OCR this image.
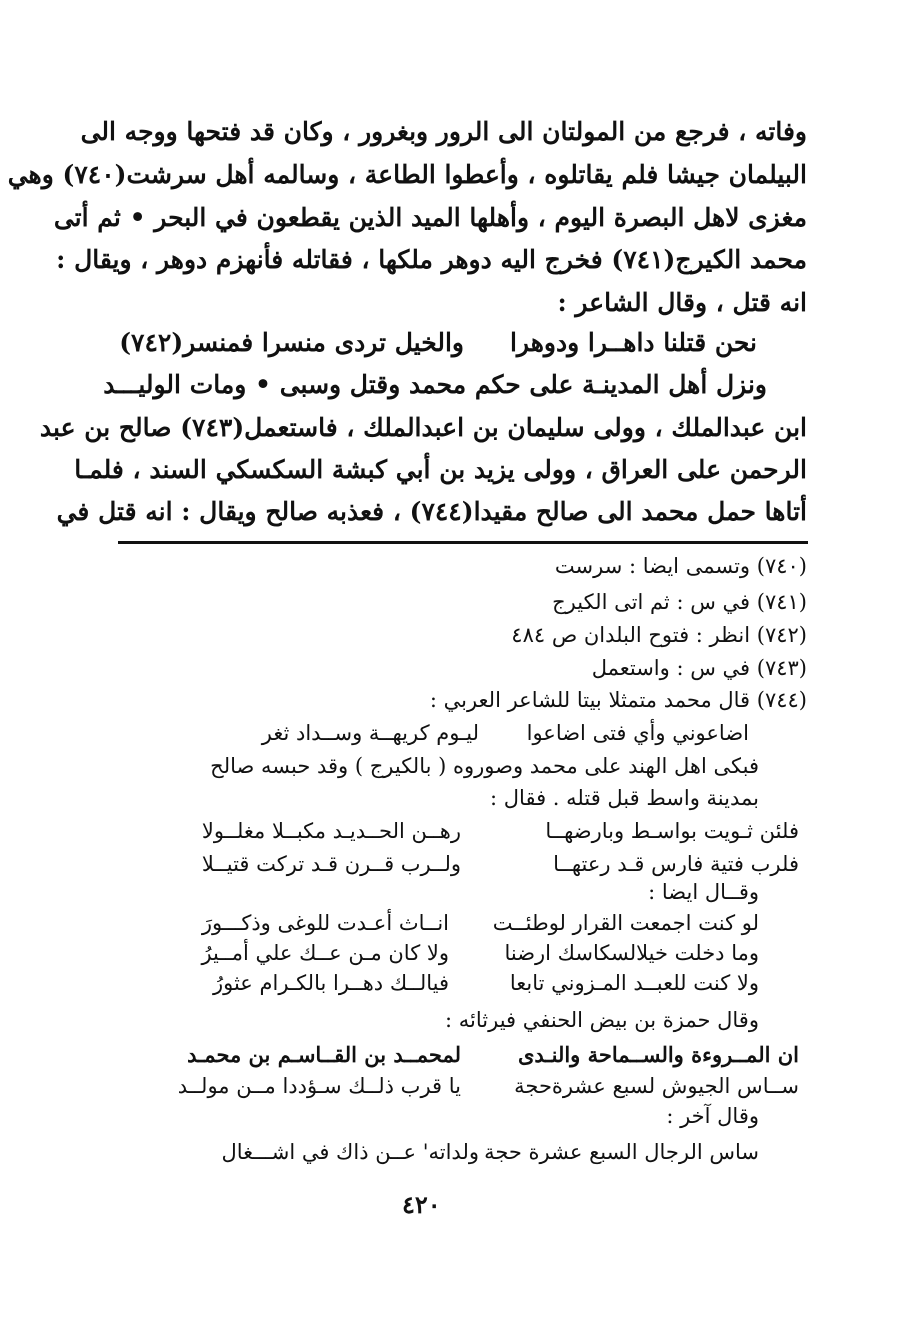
وفاته ، فرجع من المولتان الى الرور وبغرور ، وكان قد فتحها ووجه الى
البيلمان جيشا فلم يقاتلوه ، وأعطوا الطاعة ، وسالمه أهل سرشت(٧٤٠) وهي
مغزى لاهل البصرة اليوم ، وأهلها الميد الذين يقطعون في البحر • ثم أتى
محمد الكيرج(٧٤١) فخرج اليه دوهر ملكها ، فقاتله فأنهزم دوهر ، ويقال :
انه قتل ، وقال الشاعر :
نحن قتلنا داهــرا ودوهرا
والخيل تردى منسرا فمنسر(٧٤٢)
ونزل أهل المدينـة على حكم محمد وقتل وسبى • ومات الوليـــد
ابن عبدالملك ، وولى سليمان بن اعبدالملك ، فاستعمل(٧٤٣) صالح بن عبد
الرحمن على العراق ، وولى يزيد بن أبي كبشة السكسكي السند ، فلمـا
أتاها حمل محمد الى صالح مقيدا(٧٤٤) ، فعذبه صالح ويقال : انه قتل في
(٧٤٠) وتسمى ايضا : سرست
(٧٤١) في س : ثم اتى الكيرج
(٧٤٢) انظر : فتوح البلدان ص ٤٨٤
(٧٤٣) في س : واستعمل
(٧٤٤) قال محمد متمثلا بيتا للشاعر العربي :
اضاعوني وأي فتى اضاعوا
ليـوم كريهــة وســداد ثغر
فبكى اهل الهند على محمد وصوروه ( بالكيرج ) وقد حبسه صالح
بمدينة واسط قبل قتله . فقال :
فلئن ثـويت بواسـط وبارضهــا
رهــن الحــديـد مكبــلا مغلــولا
فلرب فتية فارس قـد رعتهــا
ولــرب قــرن قـد تركت قتيــلا
وقــال ايضا :
لو كنت اجمعت القرار لوطئــت
انــاث أعـدت للوغى وذكـــورَ
وما دخلت خيلالسكاسك ارضنا
ولا كان مـن عــك علي أمــيرُ
ولا كنت للعبــد المـزوني تابعا
فيالــك دهــرا بالكـرام عثورُ
وقال حمزة بن بيض الحنفي فيرثائه :
ان المــروءة والســماحة والنـدى
لمحمــد بن القــاسـم بن محمـد
ســاس الجيوش لسبع عشرةحجة
يا قرب ذلــك سـؤددا مــن مولــد
وقال آخر :
ساس الرجال السبع عشرة حجة
ولداته' عــن ذاك في اشـــغال
٤٢٠
